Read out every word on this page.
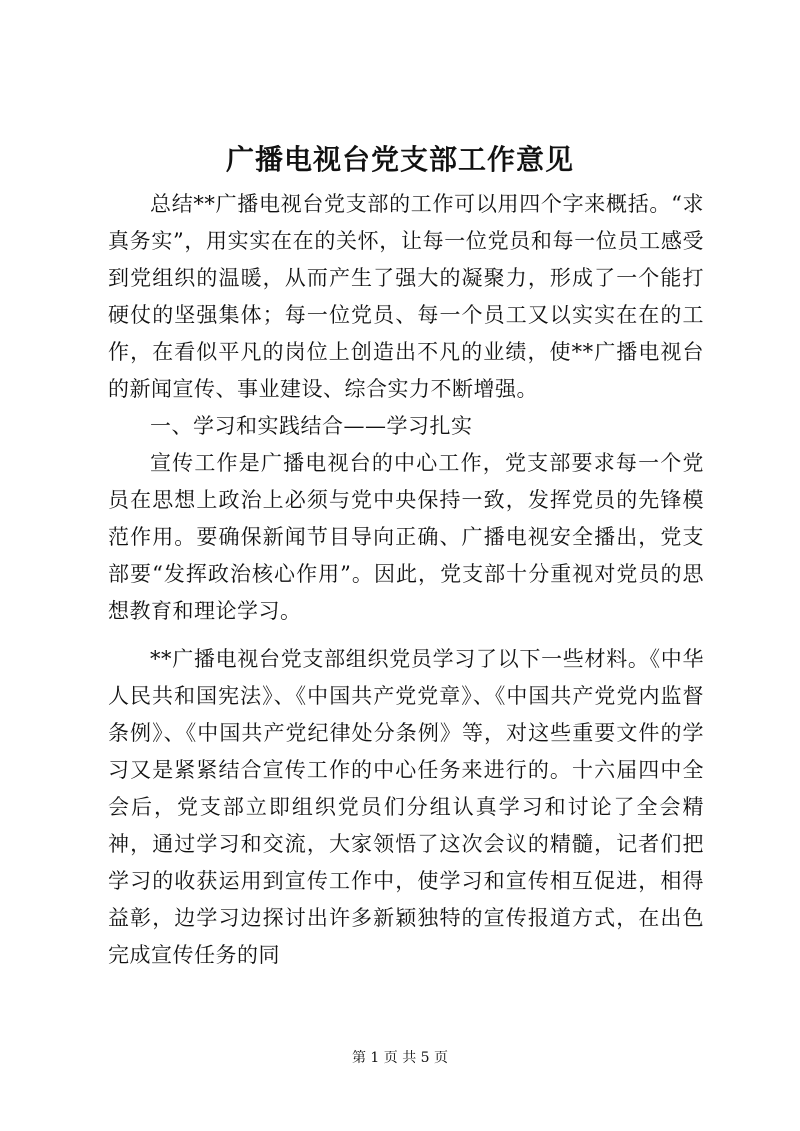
广播电视台党支部工作意见

总结**广播电视台党支部的工作可以用四个字来概括。“求真务实”，用实实在在的关怀，让每一位党员和每一位员工感受到党组织的温暖，从而产生了强大的凝聚力，形成了一个能打硬仗的坚强集体；每一位党员、每一个员工又以实实在在的工作，在看似平凡的岗位上创造出不凡的业绩，使**广播电视台的新闻宣传、事业建设、综合实力不断增强。

一、学习和实践结合——学习扎实

宣传工作是广播电视台的中心工作，党支部要求每一个党员在思想上政治上必须与党中央保持一致，发挥党员的先锋模范作用。要确保新闻节目导向正确、广播电视安全播出，党支部要“发挥政治核心作用”。因此，党支部十分重视对党员的思想教育和理论学习。

**广播电视台党支部组织党员学习了以下一些材料。《中华人民共和国宪法》、《中国共产党党章》、《中国共产党党内监督条例》、《中国共产党纪律处分条例》等，对这些重要文件的学习又是紧紧结合宣传工作的中心任务来进行的。十六届四中全会后，党支部立即组织党员们分组认真学习和讨论了全会精神，通过学习和交流，大家领悟了这次会议的精髓，记者们把学习的收获运用到宣传工作中，使学习和宣传相互促进，相得益彰，边学习边探讨出许多新颖独特的宣传报道方式，在出色完成宣传任务的同

第 1 页 共 5 页
